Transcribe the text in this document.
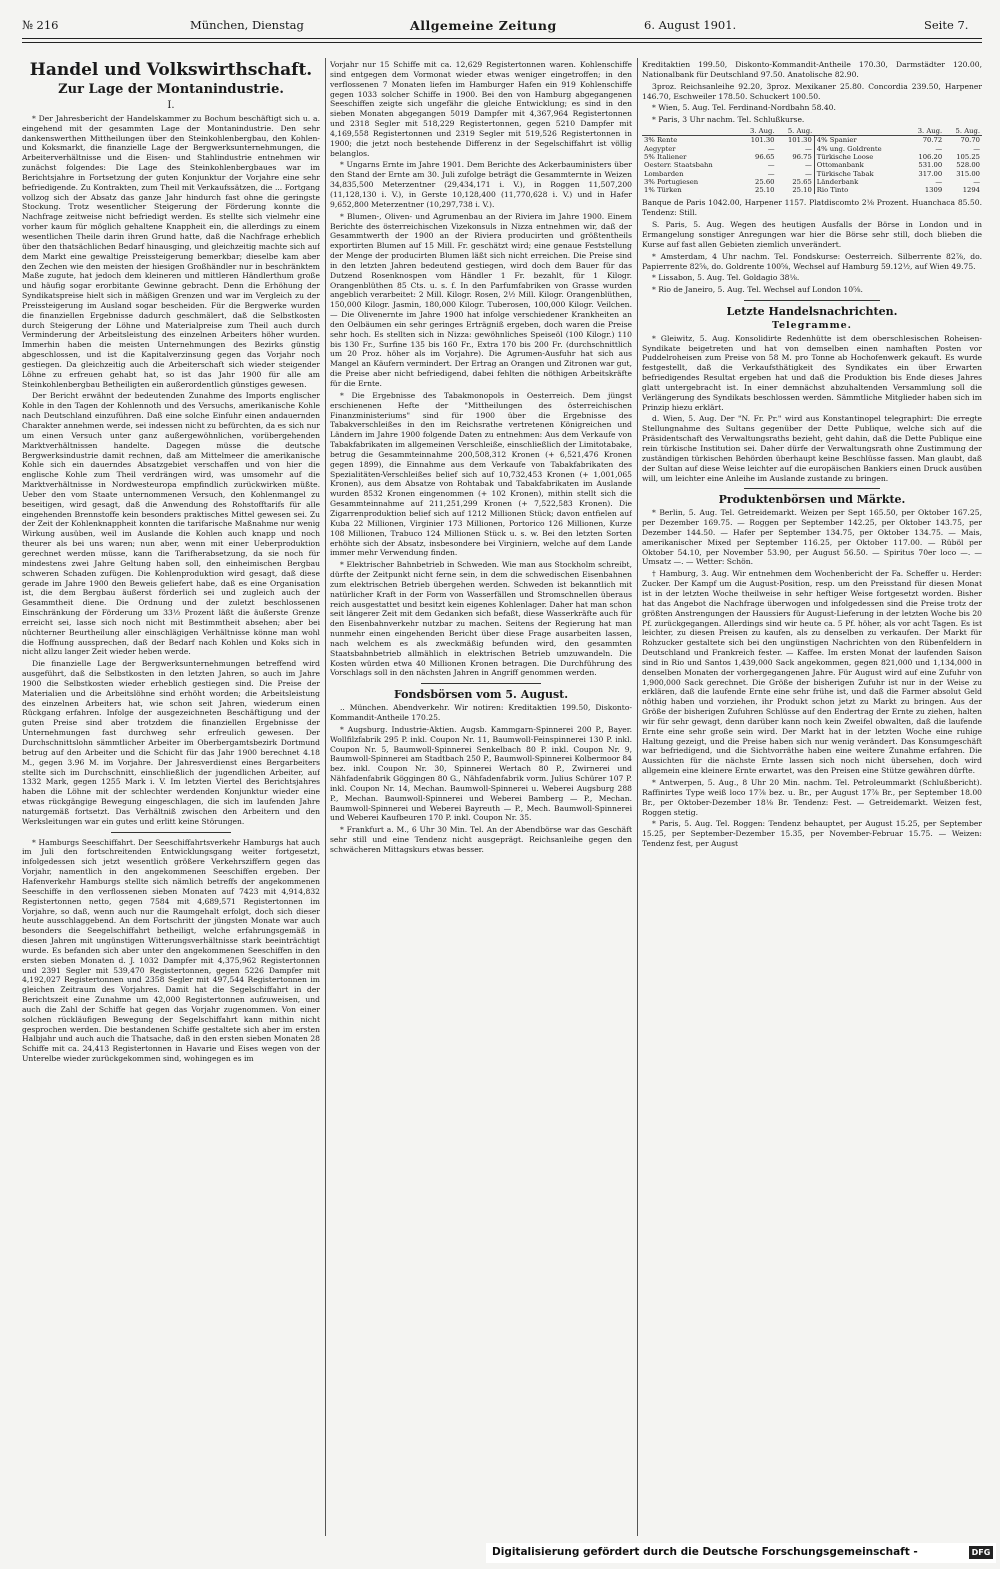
№ 216	München, Dienstag	Allgemeine Zeitung	6. August 1901.	Seite 7.
Handel und Volkswirthschaft.
Zur Lage der Montanindustrie.
I.

* Der Jahresbericht der Handelskammer zu Bochum beschäftigt sich u. a. eingehend mit der gesammten Lage der Montanindustrie. Den sehr dankenswerthen Mittheilungen über den Steinkohlenbergbau, den Kohlen- und Koksmarkt, die finanzielle Lage der Bergwerksunternehmungen, die Arbeiterverhältnisse und die Eisen- und Stahlindustrie entnehmen wir zunächst folgendes: Die Lage des Steinkohlenbergbaues war im Berichtsjahre in Fortsetzung der guten Konjunktur der Vorjahre eine sehr befriedigende. Zu Kontrakten, zum Theil mit Verkaufssätzen, die ... Fortgang vollzog sich der Absatz das ganze Jahr hindurch fast ohne die geringste Stockung. Trotz wesentlicher Steigerung der Förderung konnte die Nachfrage zeitweise nicht befriedigt werden. Es stellte sich vielmehr eine vorher kaum für möglich gehaltene Knappheit ein, die allerdings zu einem wesentlichen Theile darin ihren Grund hatte, daß die Nachfrage erheblich über den thatsächlichen Bedarf hinausging, und gleichzeitig machte sich auf dem Markt eine gewaltige Preissteigerung bemerkbar; dieselbe kam aber den Zechen wie den meisten der hiesigen Großhändler nur in beschränktem Maße zugute, hat jedoch dem kleineren und mittleren Händlerthum große und häufig sogar erorbitante Gewinne gebracht. Denn die Erhöhung der Syndikatspreise hielt sich in mäßigen Grenzen und war im Vergleich zu der Preissteigerung im Ausland sogar bescheiden. Für die Bergwerke wurden die finanziellen Ergebnisse dadurch geschmälert, daß die Selbstkosten durch Steigerung der Löhne und Materialpreise zum Theil auch durch Verminderung der Arbeitsleistung des einzelnen Arbeiters höher wurden. Immerhin haben die meisten Unternehmungen des Bezirks günstig abgeschlossen, und ist die Kapitalverzinsung gegen das Vorjahr noch gestiegen. Da gleichzeitig auch die Arbeiterschaft sich wieder steigender Löhne zu erfreuen gehabt hat, so ist das Jahr 1900 für alle am Steinkohlenbergbau Betheiligten ein außerordentlich günstiges gewesen.

Der Bericht erwähnt der bedeutenden Zunahme des Imports englischer Kohle in den Tagen der Kohlennoth und des Versuchs, amerikanische Kohle nach Deutschland einzuführen. Daß eine solche Einfuhr einen andauernden Charakter annehmen werde, sei indessen nicht zu befürchten, da es sich nur um einen Versuch unter ganz außergewöhnlichen, vorübergehenden Marktverhältnissen handelte. Dagegen müsse die deutsche Bergwerksindustrie damit rechnen, daß am Mittelmeer die amerikanische Kohle sich ein dauerndes Absatzgebiet verschaffen und von hier die englische Kohle zum Theil verdrängen wird, was umsomehr auf die Marktverhältnisse in Nordwesteuropa empfindlich zurückwirken müßte. Ueber den vom Staate unternommenen Versuch, den Kohlenmangel zu beseitigen, wird gesagt, daß die Anwendung des Rohstofftarifs für alle eingehenden Brennstoffe kein besonders praktisches Mittel gewesen sei. Zu der Zeit der Kohlenknappheit konnten die tarifarische Maßnahme nur wenig Wirkung ausüben, weil im Auslande die Kohlen auch knapp und noch theurer als bei uns waren; nun aber, wenn mit einer Ueberproduktion gerechnet werden müsse, kann die Tarifherabsetzung, da sie noch für mindestens zwei Jahre Geltung haben soll, den einheimischen Bergbau schweren Schaden zufügen. Die Kohlenproduktion wird gesagt, daß diese gerade im Jahre 1900 den Beweis geliefert habe, daß es eine Organisation ist, die dem Bergbau äußerst förderlich sei und zugleich auch der Gesammtheit diene. Die Ordnung und der zuletzt beschlossenen Einschränkung der Förderung um 33⅓ Prozent läßt die äußerste Grenze erreicht sei, lasse sich noch nicht mit Bestimmtheit absehen; aber bei nüchterner Beurtheilung aller einschlägigen Verhältnisse könne man wohl die Hoffnung aussprechen, daß der Bedarf nach Kohlen und Koks sich in nicht allzu langer Zeit wieder heben werde.

Die finanzielle Lage der Bergwerksunternehmungen betreffend wird ausgeführt, daß die Selbstkosten in den letzten Jahren, so auch im Jahre 1900 die Selbstkosten wieder erheblich gestiegen sind. Die Preise der Materialien und die Arbeitslöhne sind erhöht worden; die Arbeitsleistung des einzelnen Arbeiters hat, wie schon seit Jahren, wiederum einen Rückgang erfahren. Infolge der ausgezeichneten Beschäftigung und der guten Preise sind aber trotzdem die finanziellen Ergebnisse der Unternehmungen fast durchweg sehr erfreulich gewesen. Der Durchschnittslohn sämmtlicher Arbeiter im Oberbergamtsbezirk Dortmund betrug auf den Arbeiter und die Schicht für das Jahr 1900 berechnet 4.18 M., gegen 3.96 M. im Vorjahre. Der Jahresverdienst eines Bergarbeiters stellte sich im Durchschnitt, einschließlich der jugendlichen Arbeiter, auf 1332 Mark, gegen 1255 Mark i. V. Im letzten Viertel des Berichtsjahres haben die Löhne mit der schlechter werdenden Konjunktur wieder eine etwas rückgängige Bewegung eingeschlagen, die sich im laufenden Jahre naturgemäß fortsetzt. Das Verhältniß zwischen den Arbeitern und den Werksleitungen war ein gutes und erlitt keine Störungen.

* Hamburgs Seeschiffahrt. Der Seeschiffahrtsverkehr Hamburgs hat auch im Juli den fortschreitenden Entwicklungsgang weiter fortgesetzt, infolgedessen sich jetzt wesentlich größere Verkehrsziffern gegen das Vorjahr, namentlich in den angekommenen Seeschiffen ergeben. Der Hafenverkehr Hamburgs stellte sich nämlich betreffs der angekommenen Seeschiffe in den verflossenen sieben Monaten auf 7423 mit 4,914,832 Registertonnen netto, gegen 7584 mit 4,689,571 Registertonnen im Vorjahre, so daß, wenn auch nur die Raumgehalt erfolgt, doch sich dieser heute ausschlaggebend. An dem Fortschritt der jüngsten Monate war auch besonders die Seegelschiffahrt betheiligt, welche erfahrungsgemäß in diesen Jahren mit ungünstigen Witterungsverhältnisse stark beeinträchtigt wurde. Es befanden sich aber unter den angekommenen Seeschiffen in den ersten sieben Monaten d. J. 1032 Dampfer mit 4,375,962 Registertonnen und 2391 Segler mit 539,470 Registertonnen, gegen 5226 Dampfer mit 4,192,027 Registertonnen und 2358 Segler mit 497,544 Registertonnen im gleichen Zeitraum des Vorjahres. Damit hat die Segelschiffahrt in der Berichtszeit eine Zunahme um 42,000 Registertonnen aufzuweisen, und auch die Zahl der Schiffe hat gegen das Vorjahr zugenommen. Von einer solchen rückläufigen Bewegung der Segelschiffahrt kann mithin nicht gesprochen werden. Die bestandenen Schiffe gestaltete sich aber im ersten Halbjahr und auch auch die Thatsache, daß in den ersten sieben Monaten 28 Schiffe mit ca. 24,413 Registertonnen in Havarie und Eises wegen von der Unterelbe wieder zurückgekommen sind, wohingegen es im

Vorjahr nur 15 Schiffe mit ca. 12,629 Registertonnen waren. Kohlenschiffe sind entgegen dem Vormonat wieder etwas weniger eingetroffen; in den verflossenen 7 Monaten liefen im Hamburger Hafen ein 919 Kohlenschiffe gegen 1033 solcher Schiffe in 1900. Bei den von Hamburg abgegangenen Seeschiffen zeigte sich ungefähr die gleiche Entwicklung; es sind in den sieben Monaten abgegangen 5019 Dampfer mit 4,367,964 Registertonnen und 2318 Segler mit 518,229 Registertonnen, gegen 5210 Dampfer mit 4,169,558 Registertonnen und 2319 Segler mit 519,526 Registertonnen in 1900; die jetzt noch bestehende Differenz in der Segelschiffahrt ist völlig belanglos.

* Ungarns Ernte im Jahre 1901. Dem Berichte des Ackerbauministers über den Stand der Ernte am 30. Juli zufolge beträgt die Gesammternte in Weizen 34,835,500 Meterzentner (29,434,171 i. V.), in Roggen 11,507,200 (11,128,130 i. V.), in Gerste 10,128,400 (11,770,628 i. V.) und in Hafer 9,652,800 Meterzentner (10,297,738 i. V.).

* Blumen-, Oliven- und Agrumenbau an der Riviera im Jahre 1900. Einem Berichte des österreichischen Vizekonsuls in Nizza entnehmen wir, daß der Gesammtwerth der 1900 an der Riviera producirten und größtentheils exportirten Blumen auf 15 Mill. Fr. geschätzt wird; eine genaue Feststellung der Menge der producirten Blumen läßt sich nicht erreichen. Die Preise sind in den letzten Jahren bedeutend gestiegen, wird doch dem Bauer für das Dutzend Rosenknospen vom Händler 1 Fr. bezahlt, für 1 Kilogr. Orangenblüthen 85 Cts. u. s. f. In den Parfumfabriken von Grasse wurden angeblich verarbeitet: 2 Mill. Kilogr. Rosen, 2½ Mill. Kilogr. Orangenblüthen, 150,000 Kilogr. Jasmin, 180,000 Kilogr. Tuberosen, 100,000 Kilogr. Veilchen. — Die Olivenernte im Jahre 1900 hat infolge verschiedener Krankheiten an den Oelbäumen ein sehr geringes Erträgniß ergeben, doch waren die Preise sehr hoch. Es stellten sich in Nizza: gewöhnliches Speiseöl (100 Kilogr.) 110 bis 130 Fr., Surfine 135 bis 160 Fr., Extra 170 bis 200 Fr. (durchschnittlich um 20 Proz. höher als im Vorjahre). Die Agrumen-Ausfuhr hat sich aus Mangel an Käufern vermindert. Der Ertrag an Orangen und Zitronen war gut, die Preise aber nicht befriedigend, dabei fehlten die nöthigen Arbeitskräfte für die Ernte.

* Die Ergebnisse des Tabakmonopols in Oesterreich. Dem jüngst erschienenen Hefte der "Mittheilungen des österreichischen Finanzministeriums" sind für 1900 über die Ergebnisse des Tabakverschleißes in den im Reichsrathe vertretenen Königreichen und Ländern im Jahre 1900 folgende Daten zu entnehmen: Aus dem Verkaufe von Tabakfabrikaten im allgemeinen Verschleiße, einschließlich der Limitotabake, betrug die Gesammteinnahme 200,508,312 Kronen (+ 6,521,476 Kronen gegen 1899), die Einnahme aus dem Verkaufe von Tabakfabrikaten des Spezialitäten-Verschleißes belief sich auf 10,732,453 Kronen (+ 1,001,065 Kronen), aus dem Absatze von Rohtabak und Tabakfabrikaten im Auslande wurden 8532 Kronen eingenommen (+ 102 Kronen), mithin stellt sich die Gesammteinnahme auf 211,251,299 Kronen (+ 7,522,583 Kronen). Die Zigarrenproduktion belief sich auf 1212 Millionen Stück; davon entfielen auf Kuba 22 Millionen, Virginier 173 Millionen, Portorico 126 Millionen, Kurze 108 Millionen, Trabuco 124 Millionen Stück u. s. w. Bei den letzten Sorten erhöhte sich der Absatz, insbesondere bei Virginiern, welche auf dem Lande immer mehr Verwendung finden.

* Elektrischer Bahnbetrieb in Schweden. Wie man aus Stockholm schreibt, dürfte der Zeitpunkt nicht ferne sein, in dem die schwedischen Eisenbahnen zum elektrischen Betrieb übergehen werden. Schweden ist bekanntlich mit natürlicher Kraft in der Form von Wasserfällen und Stromschnellen überaus reich ausgestattet und besitzt kein eigenes Kohlenlager. Daher hat man schon seit längerer Zeit mit dem Gedanken sich befaßt, diese Wasserkräfte auch für den Eisenbahnverkehr nutzbar zu machen. Seitens der Regierung hat man nunmehr einen eingehenden Bericht über diese Frage ausarbeiten lassen, nach welchem es als zweckmäßig befunden wird, den gesammten Staatsbahnbetrieb allmählich in elektrischen Betrieb umzuwandeln. Die Kosten würden etwa 40 Millionen Kronen betragen. Die Durchführung des Vorschlags soll in den nächsten Jahren in Angriff genommen werden.

Fondsbörsen vom 5. August.

.. München. Abendverkehr. Wir notiren: Kreditaktien 199.50, Diskonto-Kommandit-Antheile 170.25.

* Augsburg. Industrie-Aktien. Augsb. Kammgarn-Spinnerei 200 P., Bayer. Wollfilzfabrik 295 P. inkl. Coupon Nr. 11, Baumwoll-Feinspinnerei 130 P. inkl. Coupon Nr. 5, Baumwoll-Spinnerei Senkelbach 80 P. inkl. Coupon Nr. 9, Baumwoll-Spinnerei am Stadtbach 250 P., Baumwoll-Spinnerei Kolbermoor 84 bez. inkl. Coupon Nr. 30, Spinnerei Wertach 80 P., Zwirnerei und Nähfadenfabrik Göggingen 80 G., Nähfadenfabrik vorm. Julius Schürer 107 P. inkl. Coupon Nr. 14, Mechan. Baumwoll-Spinnerei u. Weberei Augsburg 288 P., Mechan. Baumwoll-Spinnerei und Weberei Bamberg — P., Mechan. Baumwoll-Spinnerei und Weberei Bayreuth — P., Mech. Baumwoll-Spinnerei und Weberei Kaufbeuren 170 P. inkl. Coupon Nr. 35.

* Frankfurt a. M., 6 Uhr 30 Min. Tel. An der Abendbörse war das Geschäft sehr still und eine Tendenz nicht ausgeprägt. Reichsanleihe gegen den schwächeren Mittagskurs etwas besser.

Kreditaktien 199.50, Diskonto-Kommandit-Antheile 170.30, Darmstädter 120.00, Nationalbank für Deutschland 97.50. Anatolische 82.90.

3proz. Reichsanleihe 92.20, 3proz. Mexikaner 25.80. Concordia 239.50, Harpener 146.70, Eschweiler 178.50. Schuckert 100.50.

* Wien, 5. Aug. Tel. Ferdinand-Nordbahn 58.40.

* Paris, 3 Uhr nachm. Tel. Schlußkurse.

	3. Aug.	5. Aug.		3. Aug.	5. Aug.
3% Rente	101.30	101.30	4% Spanier	70.72	70.70
Aegypter	—	—	4% ung. Goldrente	—	—
5% Italiener	96.65	96.75	Türkische Loose	106.20	105.25
Oesterr. Staatsbahn	—	—	Ottomanbank	531.00	528.00
Lombarden	—	—	Türkische Tabak	317.00	315.00
3% Portugiesen	25.60	25.65	Länderbank	—	—
1% Türken	25.10	25.10	Rio Tinto	1309	1294

Banque de Paris 1042.00, Harpener 1157. Platdiscomto 2⅛ Prozent. Huanchaca 85.50. Tendenz: Still.

S. Paris, 5. Aug. Wegen des heutigen Ausfalls der Börse in London und in Ermangelung sonstiger Anregungen war hier die Börse sehr still, doch blieben die Kurse auf fast allen Gebieten ziemlich unverändert.

* Amsterdam, 4 Uhr nachm. Tel. Fondskurse: Oesterreich. Silberrente 82⅞, do. Papierrente 82⅝, do. Goldrente 100⅝, Wechsel auf Hamburg 59.12½, auf Wien 49.75.

* Lissabon, 5. Aug. Tel. Goldagio 38⅛.

* Rio de Janeiro, 5. Aug. Tel. Wechsel auf London 10⅝.

Letzte Handelsnachrichten.
Telegramme.

* Gleiwitz, 5. Aug. Konsolidirte Redenhütte ist dem oberschlesischen Roheisen-Syndikate beigetreten und hat von demselben einen namhaften Posten vor Puddelroheisen zum Preise von 58 M. pro Tonne ab Hochofenwerk gekauft. Es wurde festgestellt, daß die Verkaufsthätigkeit des Syndikates ein über Erwarten befriedigendes Resultat ergeben hat und daß die Produktion bis Ende dieses Jahres glatt untergebracht ist. In einer demnächst abzuhaltenden Versammlung soll die Verlängerung des Syndikats beschlossen werden. Sämmtliche Mitglieder haben sich im Prinzip hiezu erklärt.

d. Wien, 5. Aug. Der "N. Fr. Pr." wird aus Konstantinopel telegraphirt: Die erregte Stellungnahme des Sultans gegenüber der Dette Publique, welche sich auf die Präsidentschaft des Verwaltungsraths bezieht, geht dahin, daß die Dette Publique eine rein türkische Institution sei. Daher dürfe der Verwaltungsrath ohne Zustimmung der zuständigen türkischen Behörden überhaupt keine Beschlüsse fassen. Man glaubt, daß der Sultan auf diese Weise leichter auf die europäischen Bankiers einen Druck ausüben will, um leichter eine Anleihe im Auslande zustande zu bringen.

Produktenbörsen und Märkte.

* Berlin, 5. Aug. Tel. Getreidemarkt. Weizen per Sept 165.50, per Oktober 167.25, per Dezember 169.75. — Roggen per September 142.25, per Oktober 143.75, per Dezember 144.50. — Hafer per September 134.75, per Oktober 134.75. — Mais, amerikanischer Mixed per September 116.25, per Oktober 117.00. — Rüböl per Oktober 54.10, per November 53.90, per August 56.50. — Spiritus 70er loco —. — Umsatz —. — Wetter: Schön.

† Hamburg, 3. Aug. Wir entnehmen dem Wochenbericht der Fa. Scheffer u. Herder: Zucker. Der Kampf um die August-Position, resp. um den Preisstand für diesen Monat ist in der letzten Woche theilweise in sehr heftiger Weise fortgesetzt worden. Bisher hat das Angebot die Nachfrage überwogen und infolgedessen sind die Preise trotz der größten Anstrengungen der Haussiers für August-Lieferung in der letzten Woche bis 20 Pf. zurückgegangen. Allerdings sind wir heute ca. 5 Pf. höher, als vor acht Tagen. Es ist leichter, zu diesen Preisen zu kaufen, als zu denselben zu verkaufen. Der Markt für Rohzucker gestaltete sich bei den ungünstigen Nachrichten von den Rübenfeldern in Deutschland und Frankreich fester. — Kaffee. Im ersten Monat der laufenden Saison sind in Rio und Santos 1,439,000 Sack angekommen, gegen 821,000 und 1,134,000 in denselben Monaten der vorhergegangenen Jahre. Für August wird auf eine Zufuhr von 1,900,000 Sack gerechnet. Die Größe der bisherigen Zufuhr ist nur in der Weise zu erklären, daß die laufende Ernte eine sehr frühe ist, und daß die Farmer absolut Geld nöthig haben und vorziehen, ihr Produkt schon jetzt zu Markt zu bringen. Aus der Größe der bisherigen Zufuhren Schlüsse auf den Endertrag der Ernte zu ziehen, halten wir für sehr gewagt, denn darüber kann noch kein Zweifel obwalten, daß die laufende Ernte eine sehr große sein wird. Der Markt hat in der letzten Woche eine ruhige Haltung gezeigt, und die Preise haben sich nur wenig verändert. Das Konsumgeschäft war befriedigend, und die Sichtvorräthe haben eine weitere Zunahme erfahren. Die Aussichten für die nächste Ernte lassen sich noch nicht übersehen, doch wird allgemein eine kleinere Ernte erwartet, was den Preisen eine Stütze gewähren dürfte.

* Antwerpen, 5. Aug., 8 Uhr 20 Min. nachm. Tel. Petroleummarkt (Schlußbericht). Raffinirtes Type weiß loco 17⅞ bez. u. Br., per August 17⅞ Br., per September 18.00 Br., per Oktober-Dezember 18⅛ Br. Tendenz: Fest. — Getreidemarkt. Weizen fest, Roggen stetig.

* Paris, 5. Aug. Tel. Roggen: Tendenz behauptet, per August 15.25, per September 15.25, per September-Dezember 15.35, per November-Februar 15.75. — Weizen: Tendenz fest, per August

Digitalisierung gefördert durch die Deutsche Forschungsgemeinschaft -	DFG
